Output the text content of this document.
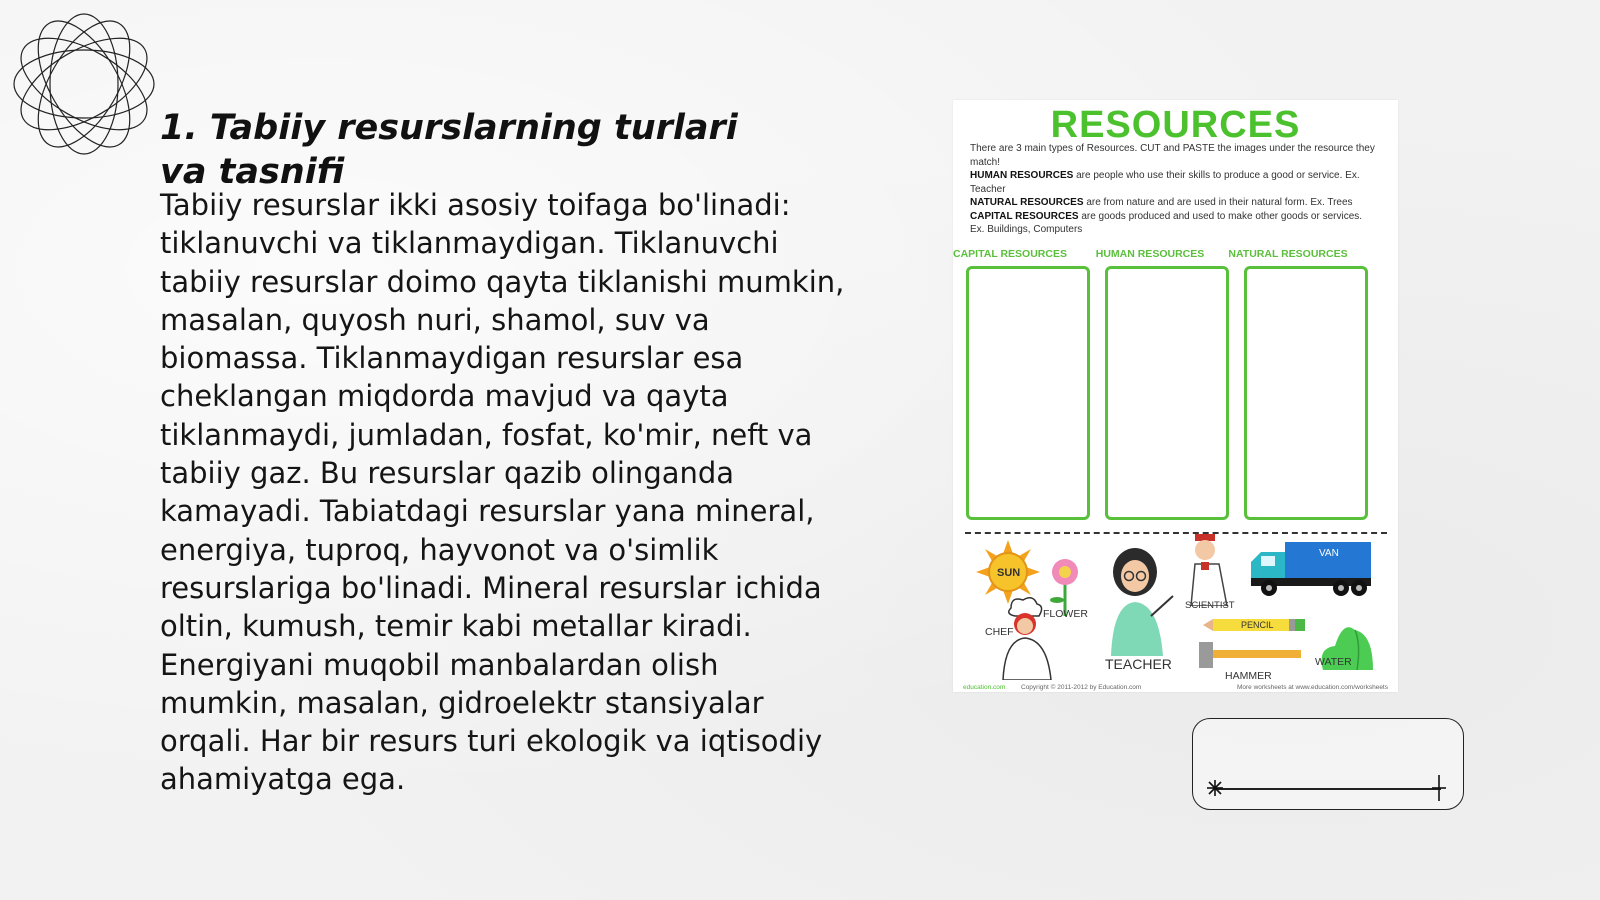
1. Tabiiy resurslarning turlari va tasnifi

Tabiiy resurslar ikki asosiy toifaga bo'linadi: tiklanuvchi va tiklanmaydigan. Tiklanuvchi tabiiy resurslar doimo qayta tiklanishi mumkin, masalan, quyosh nuri, shamol, suv va biomassa. Tiklanmaydigan resurslar esa cheklangan miqdorda mavjud va qayta tiklanmaydi, jumladan, fosfat, ko'mir, neft va tabiiy gaz. Bu resurslar qazib olinganda kamayadi. Tabiatdagi resurslar yana mineral, energiya, tuproq, hayvonot va o'simlik resurslariga bo'linadi. Mineral resurslar ichida oltin, kumush, temir kabi metallar kiradi. Energiyani muqobil manbalardan olish mumkin, masalan, gidroelektr stansiyalar orqali. Har bir resurs turi ekologik va iqtisodiy ahamiyatga ega.

RESOURCES
There are 3 main types of Resources. CUT and PASTE the images under the resource they match!
HUMAN RESOURCES are people who use their skills to produce a good or service. Ex. Teacher
NATURAL RESOURCES are from nature and are used in their natural form. Ex. Trees
CAPITAL RESOURCES are goods produced and used to make other goods or services. Ex. Buildings, Computers
CAPITAL RESOURCES	HUMAN RESOURCES	NATURAL RESOURCES
SUN
FLOWER
TEACHER
SCIENTIST
VAN
CHEF
PENCIL
HAMMER
WATER
education.com Copyright © 2011-2012 by Education.com	More worksheets at www.education.com/worksheets
